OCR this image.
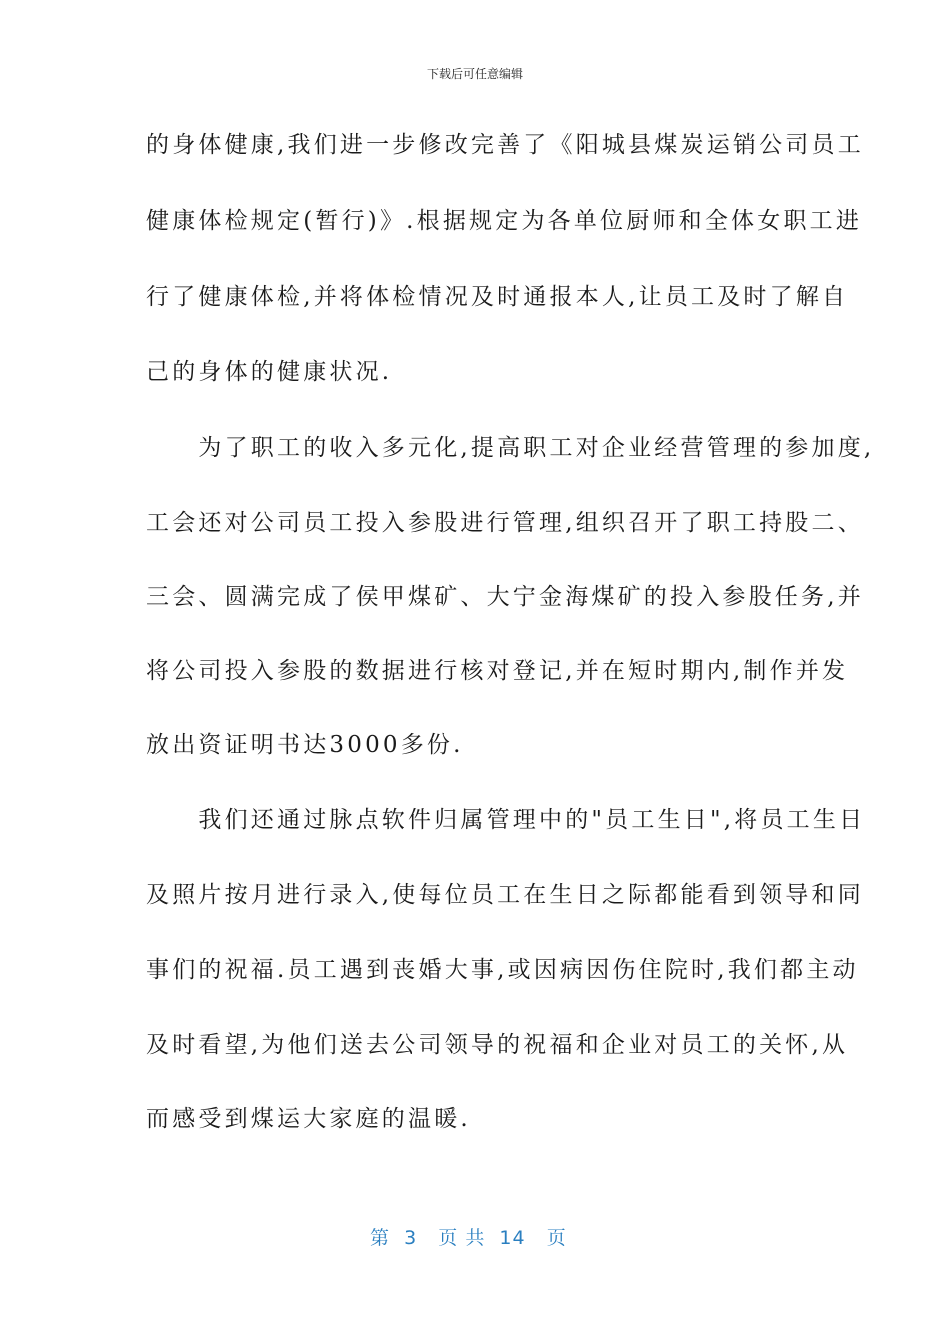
下载后可任意编辑
的身体健康,我们进一步修改完善了《阳城县煤炭运销公司员工
健康体检规定(暂行)》.根据规定为各单位厨师和全体女职工进
行了健康体检,并将体检情况及时通报本人,让员工及时了解自
己的身体的健康状况.
　　为了职工的收入多元化,提高职工对企业经营管理的参加度,
工会还对公司员工投入参股进行管理,组织召开了职工持股二、
三会、圆满完成了侯甲煤矿、大宁金海煤矿的投入参股任务,并
将公司投入参股的数据进行核对登记,并在短时期内,制作并发
放出资证明书达3000多份.
　　我们还通过脉点软件归属管理中的"员工生日",将员工生日
及照片按月进行录入,使每位员工在生日之际都能看到领导和同
事们的祝福.员工遇到丧婚大事,或因病因伤住院时,我们都主动
及时看望,为他们送去公司领导的祝福和企业对员工的关怀,从
而感受到煤运大家庭的温暖.
第  3   页 共  14   页
